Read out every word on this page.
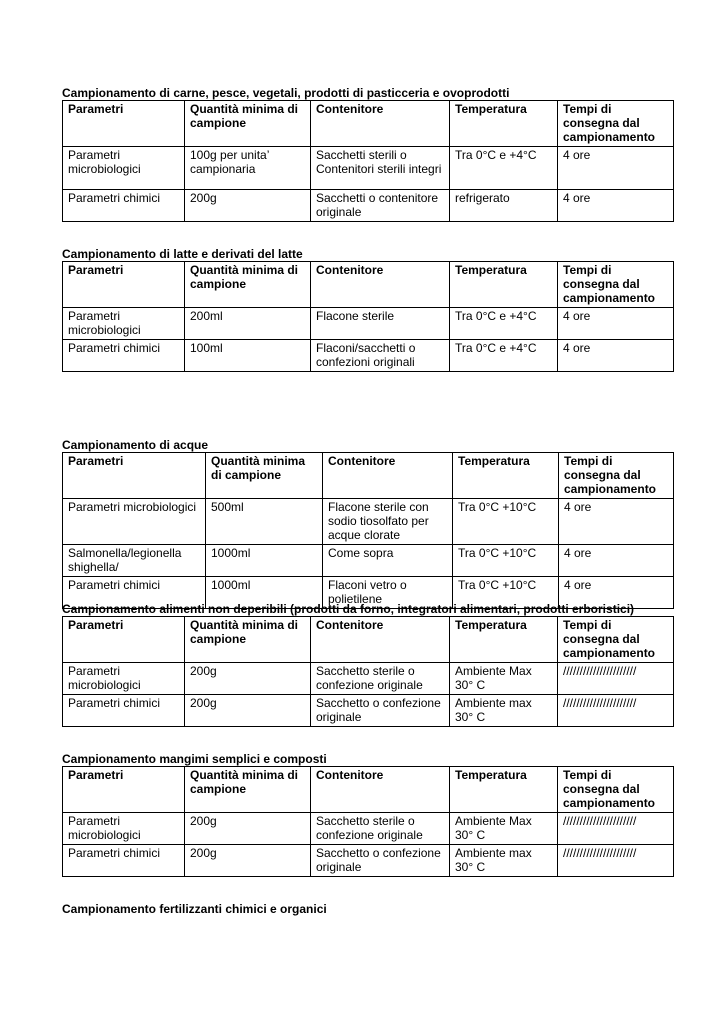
Campionamento di carne, pesce, vegetali, prodotti di pasticceria e ovoprodotti
Parametri	Quantità minima di campione	Contenitore	Temperatura	Tempi di consegna dal campionamento
Parametri microbiologici	100g per unita’ campionaria	Sacchetti sterili o Contenitori sterili integri	Tra 0°C e +4°C	4 ore
Parametri chimici	200g	Sacchetti o contenitore originale	refrigerato	4 ore
Campionamento di latte e derivati del latte
Parametri	Quantità minima di campione	Contenitore	Temperatura	Tempi di consegna dal campionamento
Parametri microbiologici	200ml	Flacone sterile	Tra 0°C e +4°C	4 ore
Parametri chimici	100ml	Flaconi/sacchetti o confezioni originali	Tra 0°C e +4°C	4 ore
Campionamento di acque
Parametri	Quantità minima di campione	Contenitore	Temperatura	Tempi di consegna dal campionamento
Parametri microbiologici	500ml	Flacone sterile con sodio tiosolfato per acque clorate	Tra 0°C +10°C	4 ore
Salmonella/legionella shighella/	1000ml	Come sopra	Tra 0°C +10°C	4 ore
Parametri chimici	1000ml	Flaconi vetro o polietilene	Tra 0°C +10°C	4 ore
Campionamento alimenti non deperibili (prodotti da forno, integratori alimentari, prodotti erboristici)
Parametri	Quantità minima di campione	Contenitore	Temperatura	Tempi di consegna dal campionamento
Parametri microbiologici	200g	Sacchetto sterile o confezione originale	Ambiente Max 30° C	//////////////////////
Parametri chimici	200g	Sacchetto o confezione originale	Ambiente max 30° C	//////////////////////
Campionamento mangimi semplici e composti
Parametri	Quantità minima di campione	Contenitore	Temperatura	Tempi di consegna dal campionamento
Parametri microbiologici	200g	Sacchetto sterile o confezione originale	Ambiente Max 30° C	//////////////////////
Parametri chimici	200g	Sacchetto o confezione originale	Ambiente max 30° C	//////////////////////
Campionamento fertilizzanti chimici e organici
